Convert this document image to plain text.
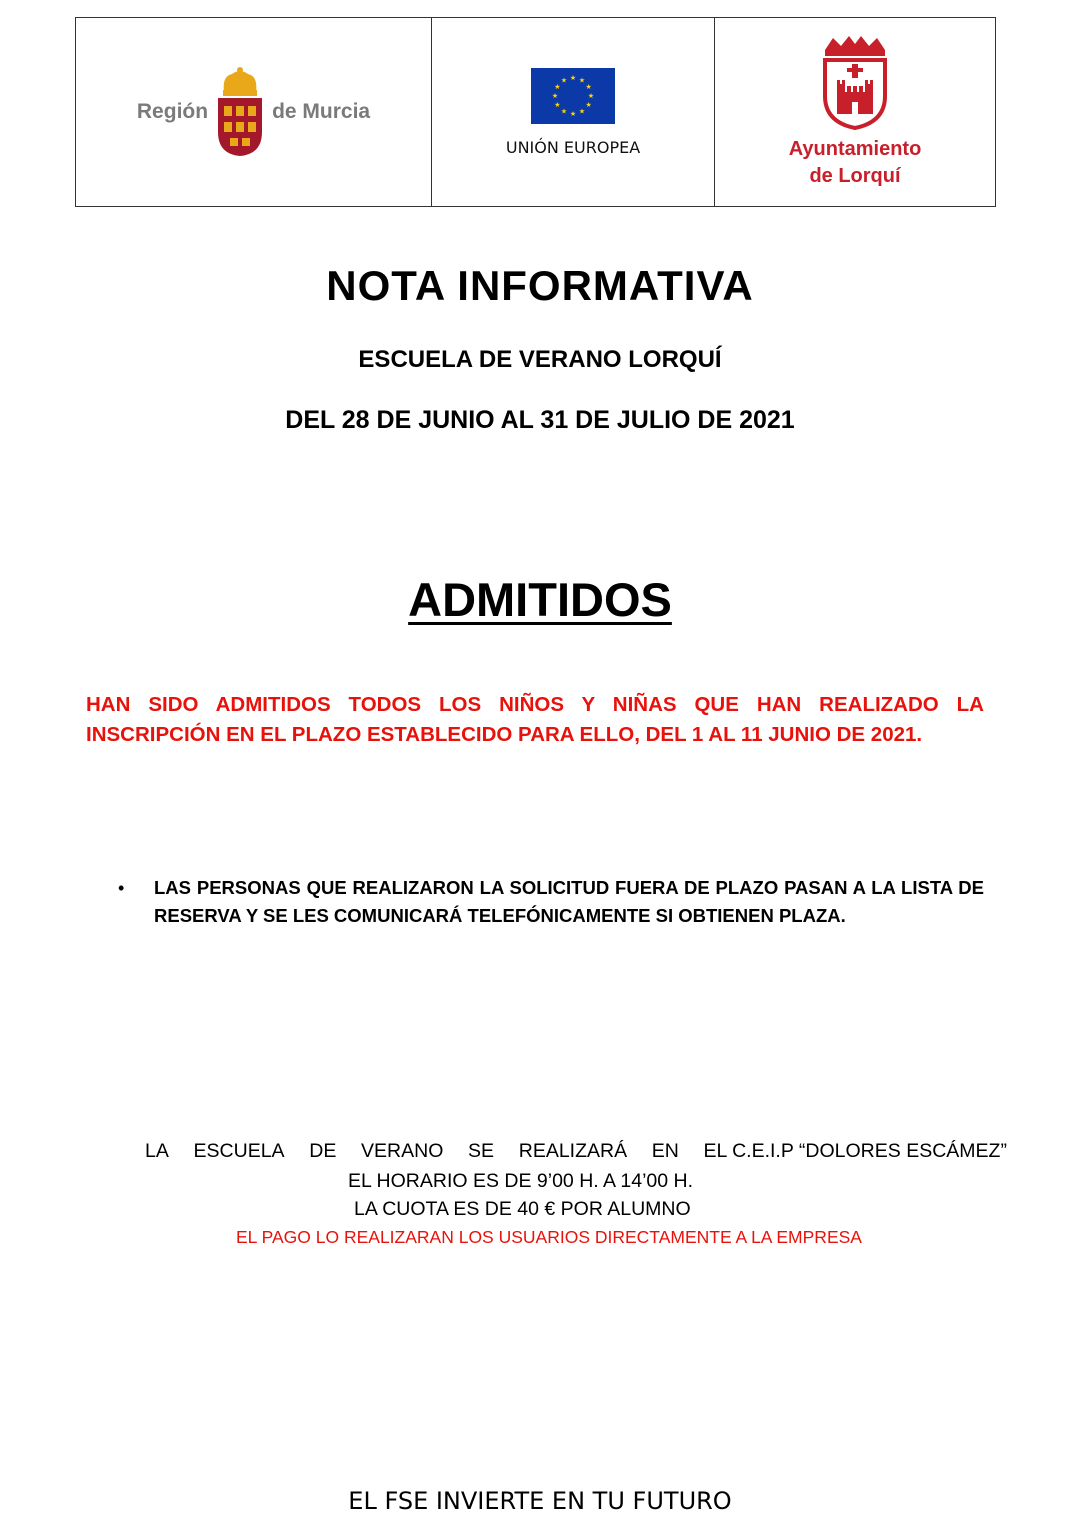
Región	de Murcia
★ ★
★
★
★
★
★
★
★
★
★
★
UNIÓN EUROPEA	Ayuntamiento
de Lorquí
NOTA INFORMATIVA
ESCUELA DE VERANO LORQUÍ
DEL 28 DE JUNIO AL 31 DE JULIO DE 2021
ADMITIDOS
HAN SIDO ADMITIDOS TODOS LOS NIÑOS Y NIÑAS QUE HAN REALIZADO LA INSCRIPCIÓN EN EL PLAZO ESTABLECIDO PARA ELLO, DEL 1 AL 11 JUNIO DE 2021.
•	LAS PERSONAS QUE REALIZARON LA SOLICITUD FUERA DE PLAZO PASAN A LA LISTA DE RESERVA Y SE LES COMUNICARÁ TELEFÓNICAMENTE SI OBTIENEN PLAZA.
LA ESCUELA DE VERANO SE REALIZARÁ EN EL C.E.I.P “DOLORES ESCÁMEZ”
EL HORARIO ES DE 9’00 H. A 14’00 H.
LA CUOTA ES DE 40 € POR ALUMNO
EL PAGO LO REALIZARAN LOS USUARIOS DIRECTAMENTE A LA EMPRESA
EL FSE INVIERTE EN TU FUTURO
